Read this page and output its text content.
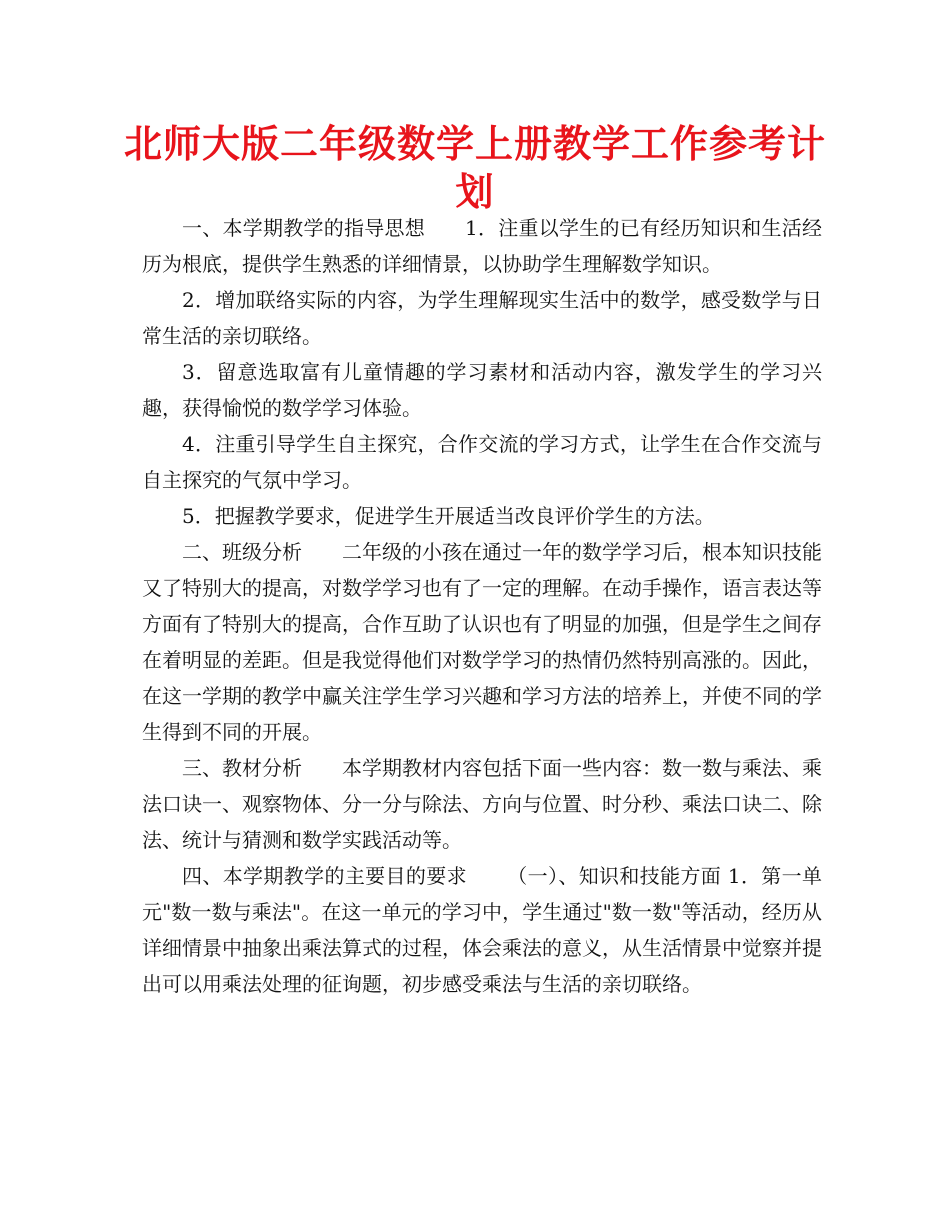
北师大版二年级数学上册教学工作参考计
划

一、本学期教学的指导思想 1．注重以学生的已有经历知识和生活经历为根底，提供学生熟悉的详细情景，以协助学生理解数学知识。

2．增加联络实际的内容，为学生理解现实生活中的数学，感受数学与日常生活的亲切联络。

3．留意选取富有儿童情趣的学习素材和活动内容，激发学生的学习兴趣，获得愉悦的数学学习体验。

4．注重引导学生自主探究，合作交流的学习方式，让学生在合作交流与自主探究的气氛中学习。

5．把握教学要求，促进学生开展适当改良评价学生的方法。

二、班级分析 二年级的小孩在通过一年的数学学习后，根本知识技能又了特别大的提高，对数学学习也有了一定的理解。在动手操作，语言表达等方面有了特别大的提高，合作互助了认识也有了明显的加强，但是学生之间存在着明显的差距。但是我觉得他们对数学学习的热情仍然特别高涨的。因此，在这一学期的教学中赢关注学生学习兴趣和学习方法的培养上，并使不同的学生得到不同的开展。

三、教材分析 本学期教材内容包括下面一些内容：数一数与乘法、乘法口诀一、观察物体、分一分与除法、方向与位置、时分秒、乘法口诀二、除法、统计与猜测和数学实践活动等。

四、本学期教学的主要目的要求 （一）、知识和技能方面 1．第一单元"数一数与乘法"。在这一单元的学习中，学生通过"数一数"等活动，经历从详细情景中抽象出乘法算式的过程，体会乘法的意义，从生活情景中觉察并提出可以用乘法处理的征询题，初步感受乘法与生活的亲切联络。
